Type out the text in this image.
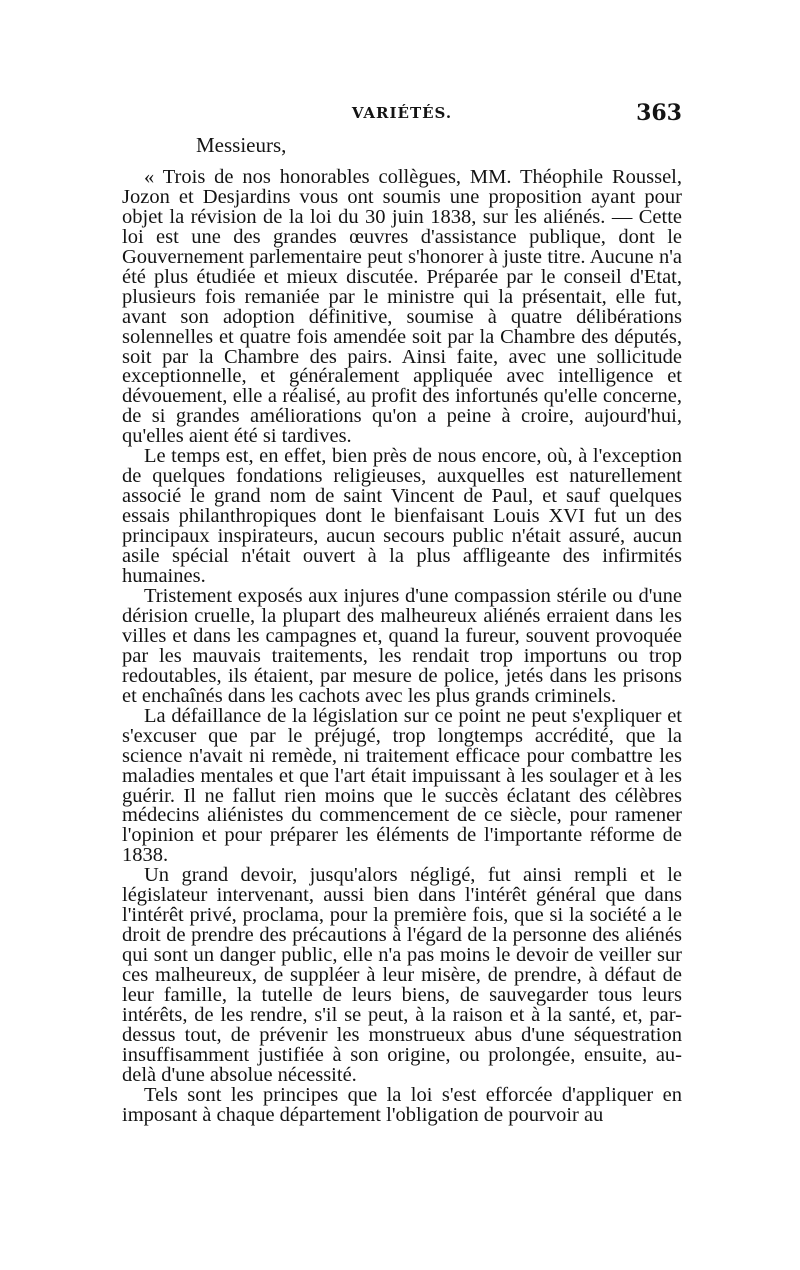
VARIÉTÉS.	363

Messieurs,

« Trois de nos honorables collègues, MM. Théophile Roussel, Jozon et Desjardins vous ont soumis une proposition ayant pour objet la révision de la loi du 30 juin 1838, sur les aliénés. — Cette loi est une des grandes œuvres d'assistance publique, dont le Gouvernement parlementaire peut s'honorer à juste titre. Aucune n'a été plus étudiée et mieux discutée. Préparée par le conseil d'Etat, plusieurs fois remaniée par le ministre qui la présentait, elle fut, avant son adoption définitive, soumise à quatre délibérations solennelles et quatre fois amendée soit par la Chambre des députés, soit par la Chambre des pairs. Ainsi faite, avec une sollicitude exceptionnelle, et généralement appliquée avec intelligence et dévouement, elle a réalisé, au profit des infortunés qu'elle concerne, de si grandes améliorations qu'on a peine à croire, aujourd'hui, qu'elles aient été si tardives.

Le temps est, en effet, bien près de nous encore, où, à l'exception de quelques fondations religieuses, auxquelles est naturellement associé le grand nom de saint Vincent de Paul, et sauf quelques essais philanthropiques dont le bienfaisant Louis XVI fut un des principaux inspirateurs, aucun secours public n'était assuré, aucun asile spécial n'était ouvert à la plus affligeante des infirmités humaines.

Tristement exposés aux injures d'une compassion stérile ou d'une dérision cruelle, la plupart des malheureux aliénés erraient dans les villes et dans les campagnes et, quand la fureur, souvent provoquée par les mauvais traitements, les rendait trop importuns ou trop redoutables, ils étaient, par mesure de police, jetés dans les prisons et enchaînés dans les cachots avec les plus grands criminels.

La défaillance de la législation sur ce point ne peut s'expliquer et s'excuser que par le préjugé, trop longtemps accrédité, que la science n'avait ni remède, ni traitement efficace pour combattre les maladies mentales et que l'art était impuissant à les soulager et à les guérir. Il ne fallut rien moins que le succès éclatant des célèbres médecins aliénistes du commencement de ce siècle, pour ramener l'opinion et pour préparer les éléments de l'importante réforme de 1838.

Un grand devoir, jusqu'alors négligé, fut ainsi rempli et le législateur intervenant, aussi bien dans l'intérêt général que dans l'intérêt privé, proclama, pour la première fois, que si la société a le droit de prendre des précautions à l'égard de la personne des aliénés qui sont un danger public, elle n'a pas moins le devoir de veiller sur ces malheureux, de suppléer à leur misère, de prendre, à défaut de leur famille, la tutelle de leurs biens, de sauvegarder tous leurs intérêts, de les rendre, s'il se peut, à la raison et à la santé, et, par-dessus tout, de prévenir les monstrueux abus d'une séquestration insuffisamment justifiée à son origine, ou prolongée, ensuite, au-delà d'une absolue nécessité.

Tels sont les principes que la loi s'est efforcée d'appliquer en imposant à chaque département l'obligation de pourvoir au
